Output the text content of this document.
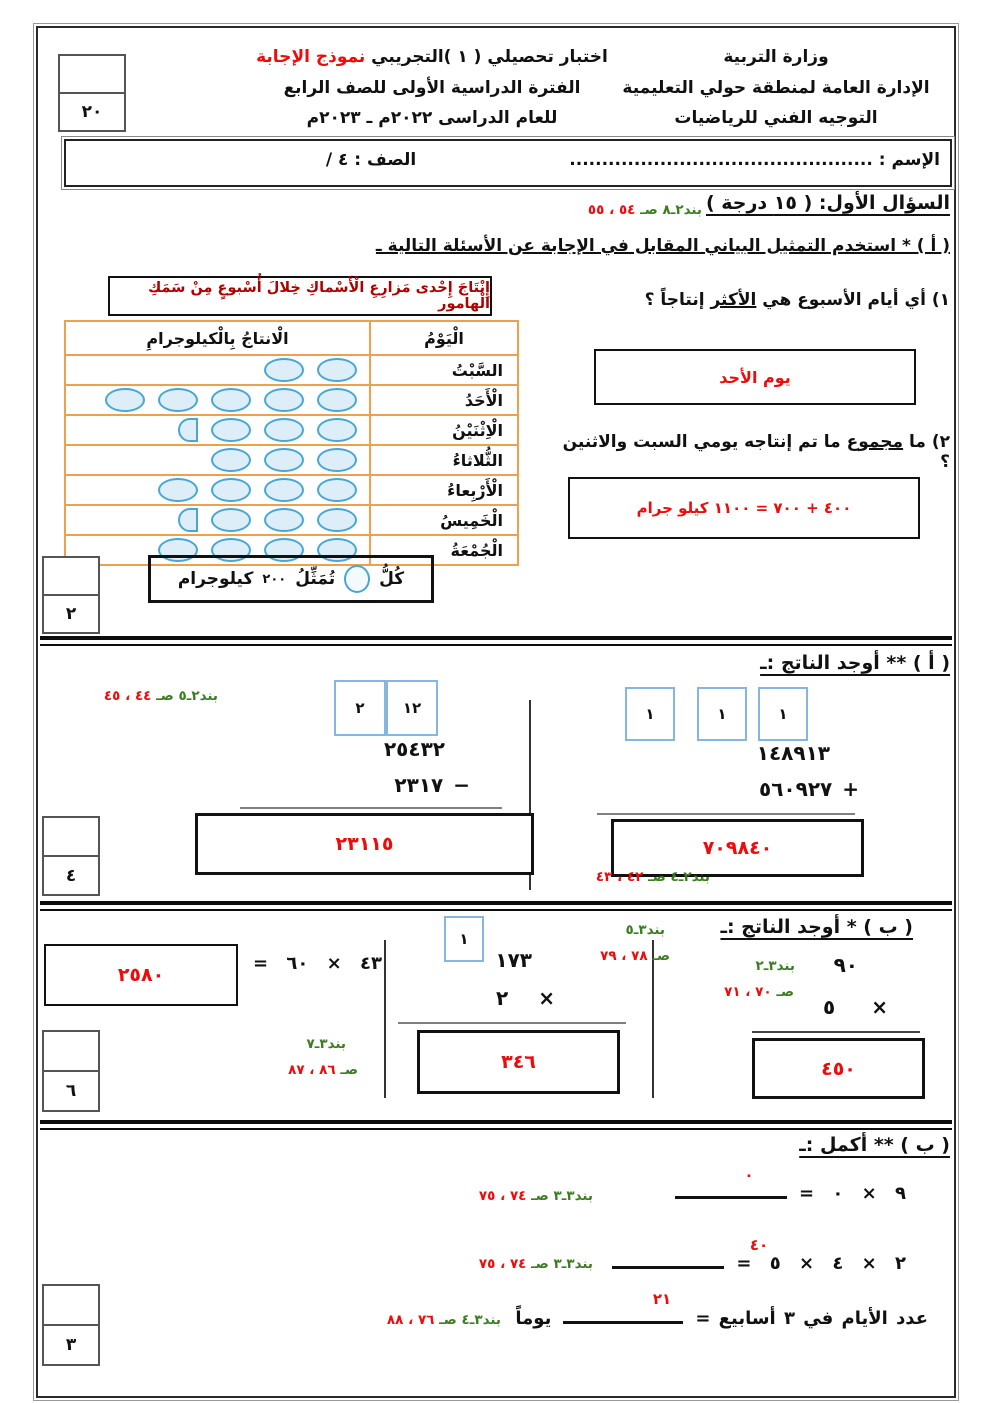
وزارة التربية
الإدارة العامة لمنطقة حولي التعليمية
التوجيه الفني للرياضيات
اختبار تحصيلي ( ١ )التجريبي نموذج الإجابة
الفترة الدراسية الأولى للصف الرابع
للعام الدراسى ٢٠٢٢م ـ ٢٠٢٣م
٢٠
الإسم : ...............................................
الصف : ٤ /
السؤال الأول: ( ١٥ درجة )
بند٢ـ٨ صـ ٥٤ ، ٥٥
( أ ) * استخدم التمثيل البياني المقابل في الإجابة عن الأسئلة التالية ـ
إِنْتَاجَ إِحْدى مَزارِعِ الْأَسْماكِ خِلالَ أُسْبوعٍ مِنْ سَمَكِ الْهامور
الْيَوْمُ
الْانتاجُ بِالْكيلوجرامِ
السَّبْتُ
الْأَحَدُ
الْاِثْنَيْنُ
الثُّلاثاءُ
الْأَرْبِعاءُ
الْخَمِيسُ
الْجُمْعَةُ
كُلُّ
تُمَثِّلُ
٢٠٠
كيلوجرام
٢
١) أي أيام الأسبوع هي الأكثر إنتاجاً ؟
يوم الأحد
٢) ما مجموع ما تم إنتاجه يومي السبت والاثنين ؟
٤٠٠ + ٧٠٠ = ١١٠٠ كيلو جرام
( أ ) ** أوجد الناتج :ـ
١
١
١
١٤٨٩١٣
+
٥٦٠٩٢٧
٧٠٩٨٤٠
بند٢ـ٤ صـ ٤٢ ، ٤٣
بند٢ـ٥ صـ ٤٤ ، ٤٥
٢	١٢
٢٥٤٣٢
−
٢٣١٧
٢٣١١٥
٤
( ب ) * أوجد الناتج :ـ
بند٣ـ٢
صـ ٧٠ ، ٧١
٩٠
×
٥
٤٥٠
بند٣ـ٥
صـ ٧٨ ، ٧٩
١
١٧٣
×
٢
٣٤٦
٤٣ × ٦٠ =
٢٥٨٠
بند٣ـ٧
صـ ٨٦ ، ٨٧
٦
( ب ) ** أكمل :ـ
٠
٩ × ٠ =
بند٣ـ٣ صـ ٧٤ ، ٧٥
٤٠
٢ × ٤ × ٥ =
بند٣ـ٣ صـ ٧٤ ، ٧٥
٢١
عدد الأيام في ٣ أسابيع =
يوماً
بند٣ـ٤ صـ ٧٦ ، ٨٨
٣
